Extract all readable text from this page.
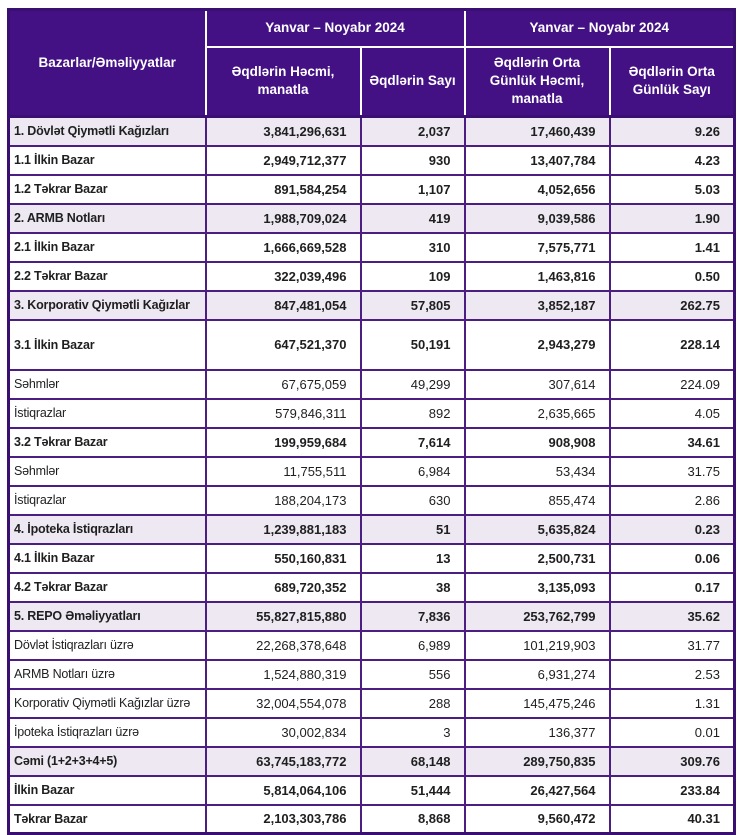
Bazarlar/Əməliyyatlar	Yanvar – Noyabr 2024		Yanvar – Noyabr 2024	
	Əqdlərin Həcmi, manatla	Əqdlərin Sayı	Əqdlərin Orta Günlük Həcmi, manatla	Əqdlərin Orta Günlük Sayı
1. Dövlət Qiymətli Kağızları	3,841,296,631	2,037	17,460,439	9.26
1.1 İlkin Bazar	2,949,712,377	930	13,407,784	4.23
1.2 Təkrar Bazar	891,584,254	1,107	4,052,656	5.03
2. ARMB Notları	1,988,709,024	419	9,039,586	1.90
2.1 İlkin Bazar	1,666,669,528	310	7,575,771	1.41
2.2 Təkrar Bazar	322,039,496	109	1,463,816	0.50
3. Korporativ Qiymətli Kağızlar	847,481,054	57,805	3,852,187	262.75
3.1 İlkin Bazar	647,521,370	50,191	2,943,279	228.14
Səhmlər	67,675,059	49,299	307,614	224.09
İstiqrazlar	579,846,311	892	2,635,665	4.05
3.2 Təkrar Bazar	199,959,684	7,614	908,908	34.61
Səhmlər	11,755,511	6,984	53,434	31.75
İstiqrazlar	188,204,173	630	855,474	2.86
4. İpoteka İstiqrazları	1,239,881,183	51	5,635,824	0.23
4.1 İlkin Bazar	550,160,831	13	2,500,731	0.06
4.2 Təkrar Bazar	689,720,352	38	3,135,093	0.17
5. REPO Əməliyyatları	55,827,815,880	7,836	253,762,799	35.62
Dövlət İstiqrazları üzrə	22,268,378,648	6,989	101,219,903	31.77
ARMB Notları üzrə	1,524,880,319	556	6,931,274	2.53
Korporativ Qiymətli Kağızlar üzrə	32,004,554,078	288	145,475,246	1.31
İpoteka İstiqrazları üzrə	30,002,834	3	136,377	0.01
Cəmi (1+2+3+4+5)	63,745,183,772	68,148	289,750,835	309.76
İlkin Bazar	5,814,064,106	51,444	26,427,564	233.84
Təkrar Bazar	2,103,303,786	8,868	9,560,472	40.31
